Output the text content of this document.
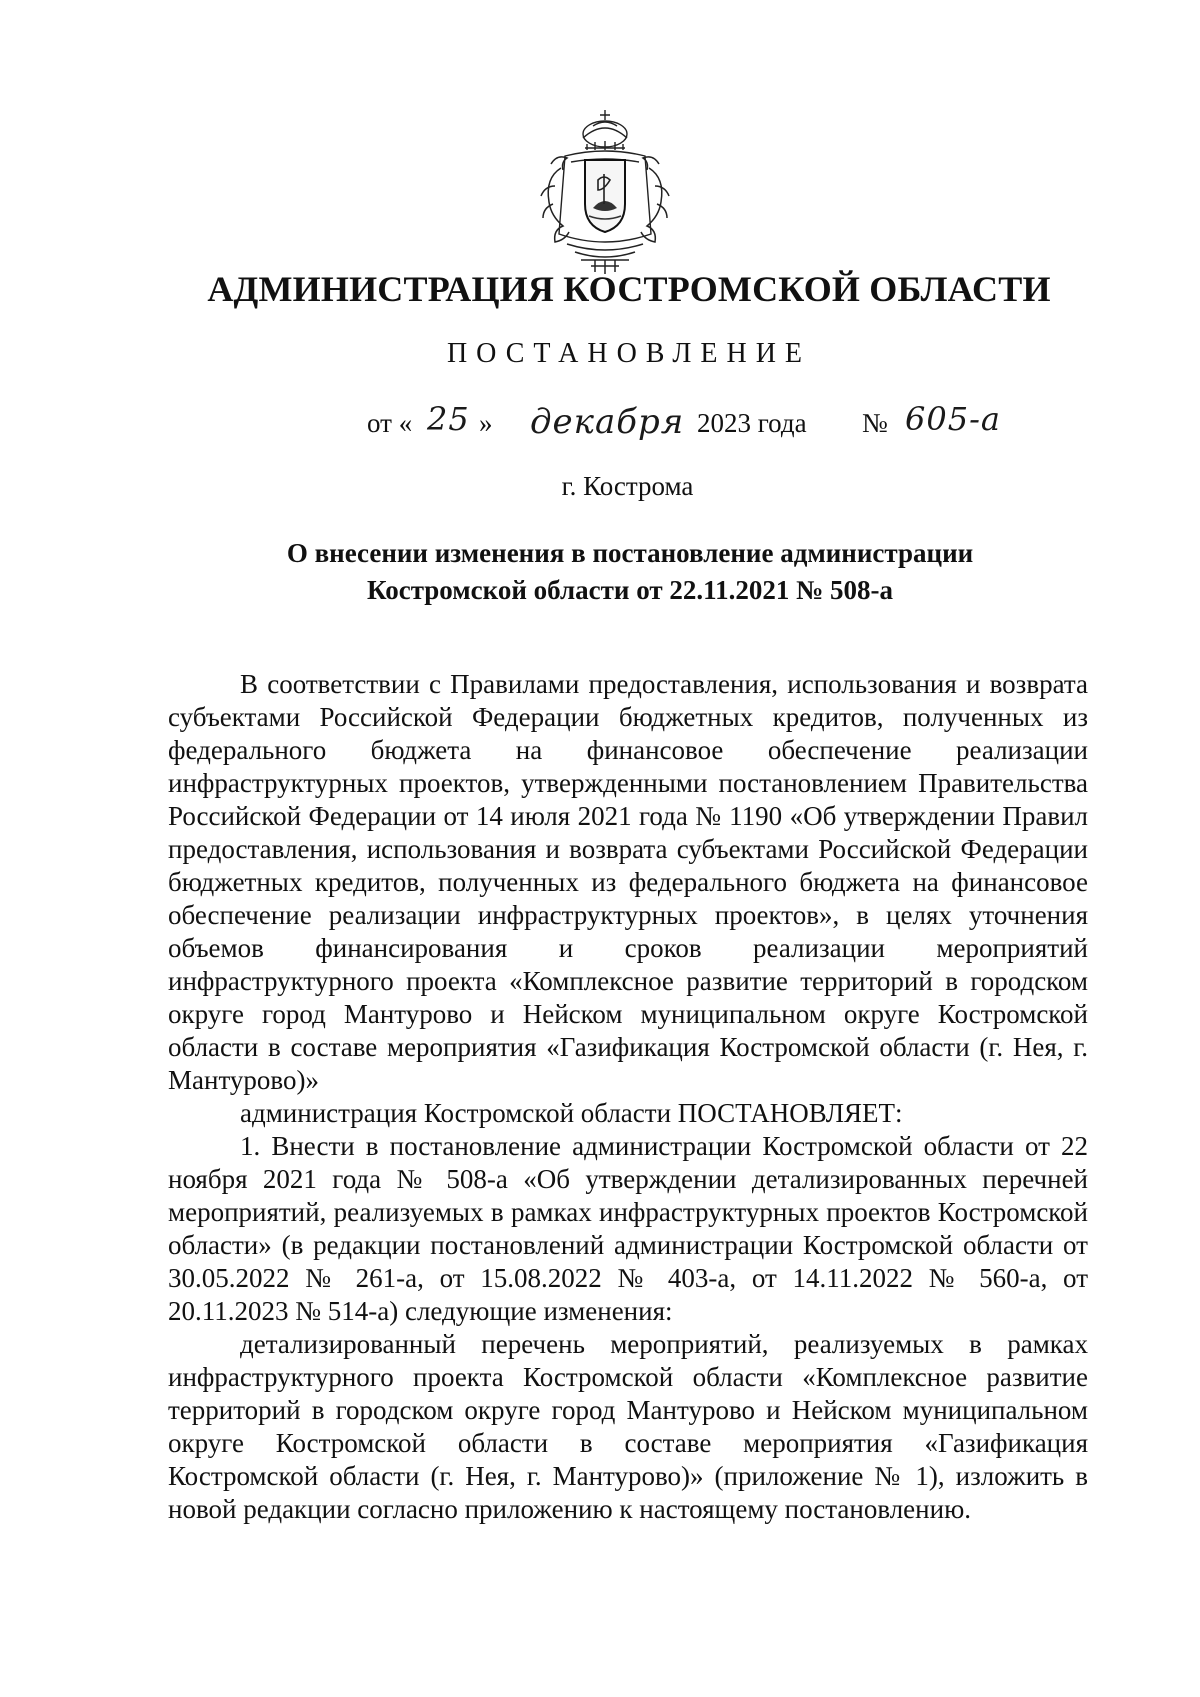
АДМИНИСТРАЦИЯ КОСТРОМСКОЙ ОБЛАСТИ
ПОСТАНОВЛЕНИЕ
от « 25 » декабря 2023 года № 605-а
г. Кострома
О внесении изменения в постановление администрации
Костромской области от 22.11.2021 № 508-а

В соответствии с Правилами предоставления, использования и возврата субъектами Российской Федерации бюджетных кредитов, полученных из федерального бюджета на финансовое обеспечение реализации инфраструктурных проектов, утвержденными постановлением Правительства Российской Федерации от 14 июля 2021 года № 1190 «Об утверждении Правил предоставления, использования и возврата субъектами Российской Федерации бюджетных кредитов, полученных из федерального бюджета на финансовое обеспечение реализации инфраструктурных проектов», в целях уточнения объемов финансирования и сроков реализации мероприятий инфраструктурного проекта «Комплексное развитие территорий в городском округе город Мантурово и Нейском муниципальном округе Костромской области в составе мероприятия «Газификация Костромской области (г. Нея, г. Мантурово)»

администрация Костромской области ПОСТАНОВЛЯЕТ:

1. Внести в постановление администрации Костромской области от 22 ноября 2021 года № 508-а «Об утверждении детализированных перечней мероприятий, реализуемых в рамках инфраструктурных проектов Костромской области» (в редакции постановлений администрации Костромской области от 30.05.2022 № 261-а, от 15.08.2022 № 403-а, от 14.11.2022 № 560-а, от 20.11.2023 № 514-а) следующие изменения:

детализированный перечень мероприятий, реализуемых в рамках инфраструктурного проекта Костромской области «Комплексное развитие территорий в городском округе город Мантурово и Нейском муниципальном округе Костромской области в составе мероприятия «Газификация Костромской области (г. Нея, г. Мантурово)» (приложение № 1), изложить в новой редакции согласно приложению к настоящему постановлению.
